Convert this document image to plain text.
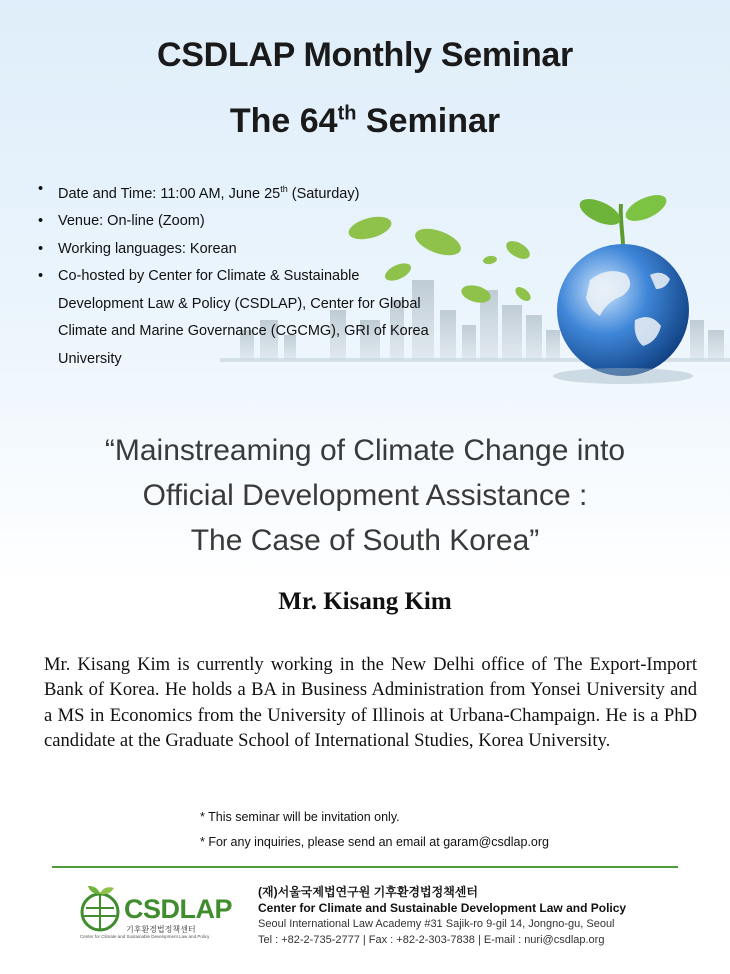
CSDLAP Monthly Seminar
The 64th Seminar
• Date and Time: 11:00 AM, June 25th (Saturday)
• Venue: On-line (Zoom)
• Working languages: Korean
• Co-hosted by Center for Climate & Sustainable Development Law & Policy (CSDLAP), Center for Global Climate and Marine Governance (CGCMG), GRI of Korea University
“Mainstreaming of Climate Change into
Official Development Assistance :
The Case of South Korea”
Mr. Kisang Kim

Mr. Kisang Kim is currently working in the New Delhi office of The Export-Import Bank of Korea. He holds a BA in Business Administration from Yonsei University and a MS in Economics from the University of Illinois at Urbana-Champaign. He is a PhD candidate at the Graduate School of International Studies, Korea University.

* This seminar will be invitation only.
* For any inquiries, please send an email at garam@csdlap.org
CSDLAP
기후환경법정책센터
Center for Climate and Sustainable Development Law and Policy
(재)서울국제법연구원 기후환경법정책센터
Center for Climate and Sustainable Development Law and Policy
Seoul International Law Academy #31 Sajik-ro 9-gil 14, Jongno-gu, Seoul
Tel : +82-2-735-2777 | Fax : +82-2-303-7838 | E-mail : nuri@csdlap.org
